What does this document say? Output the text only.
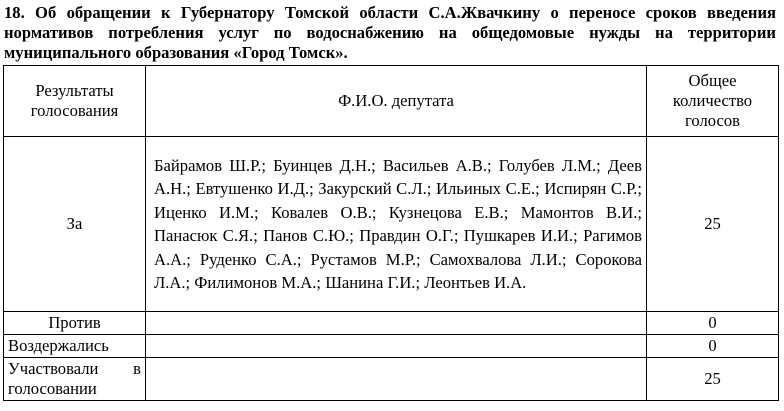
18. Об обращении к Губернатору Томской области С.А.Жвачкину о переносе сроков введения нормативов потребления услуг по водоснабжению на общедомовые нужды на территории муниципального образования «Город Томск».
Результаты голосования	Ф.И.О. депутата	Общее количество голосов
За	Байрамов Ш.Р.; Буинцев Д.Н.; Васильев А.В.; Голубев Л.М.; Деев А.Н.; Евтушенко И.Д.; Закурский С.Л.; Ильиных С.Е.; Испирян С.Р.; Иценко И.М.; Ковалев О.В.; Кузнецова Е.В.; Мамонтов В.И.; Панасюк С.Я.; Панов С.Ю.; Правдин О.Г.; Пушкарев И.И.; Рагимов А.А.; Руденко С.А.; Рустамов М.Р.; Самохвалова Л.И.; Сорокова Л.А.; Филимонов М.А.; Шанина Г.И.; Леонтьев И.А.	25
Против		0
Воздержались		0
Участвовали в голосовании		25
